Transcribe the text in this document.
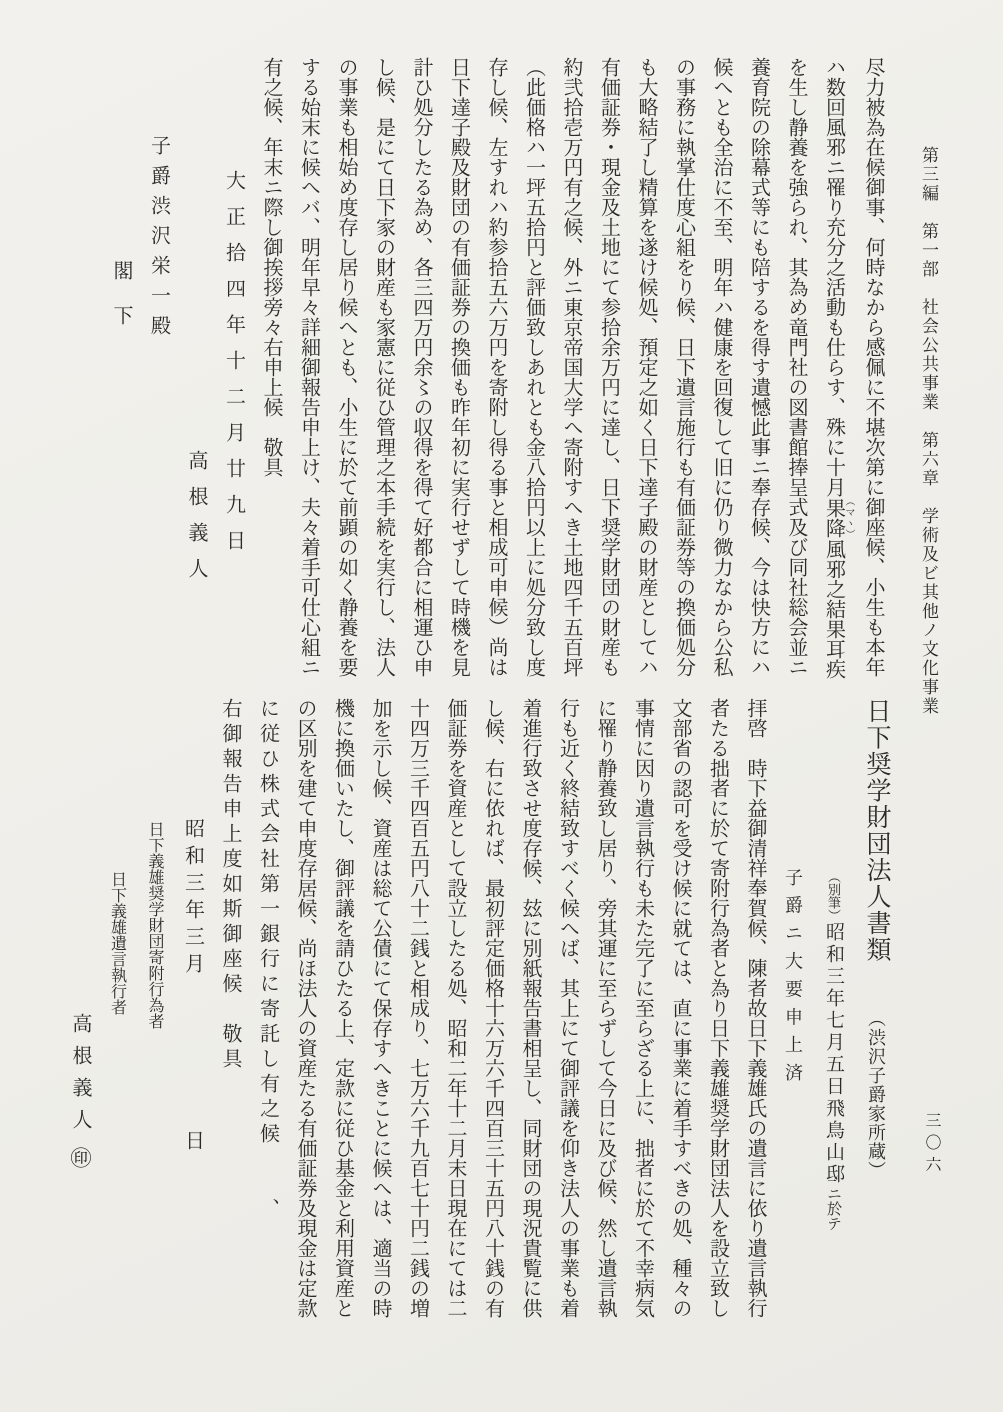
第三編　第一部　社会公共事業　第六章　学術及ビ其他ノ文化事業
三〇六

尽力被為在候御事、何時なから感佩に不堪次第に御座候、小生も本年

ハ数回風邪ニ罹り充分之活動も仕らす、殊に十月果降（マヽ）風邪之結果耳疾

を生し静養を強られ、其為め竜門社の図書館捧呈式及び同社総会並ニ

養育院の除幕式等にも陪するを得す遺憾此事ニ奉存候、今は快方にハ

候へとも全治に不至、明年ハ健康を回復して旧に仍り微力なから公私

の事務に執掌仕度心組をり候、日下遺言施行も有価証券等の換価処分

も大略結了し精算を遂け候処、預定之如く日下達子殿の財産としてハ

有価証券・現金及土地にて参拾余万円に達し、日下奨学財団の財産も

約弐拾壱万円有之候、外ニ東京帝国大学へ寄附すへき土地四千五百坪

（此価格ハ一坪五拾円と評価致しあれとも金八拾円以上に処分致し度

存し候、左すれハ約参拾五六万円を寄附し得る事と相成可申候）尚は

日下達子殿及財団の有価証券の換価も昨年初に実行せずして時機を見

計ひ処分したる為め、各三四万円余〻の収得を得て好都合に相運ひ申

し候、是にて日下家の財産も家憲に従ひ管理之本手続を実行し、法人

の事業も相始め度存し居り候へとも、小生に於て前顕の如く静養を要

する始末に候へバ、明年早々詳細御報告申上け、夫々着手可仕心組ニ

有之候、年末ニ際し御挨拶旁々右申上候　敬具

大正拾四年十二月廿九日

高根義人

子爵渋沢栄一殿

閣下

日下奨学財団法人書類（渋沢子爵家所蔵）

（別筆）昭和三年七月五日飛鳥山邸ニ於テ

子爵ニ大要申上済

拝啓　時下益御清祥奉賀候、陳者故日下義雄氏の遺言に依り遺言執行

者たる拙者に於て寄附行為者と為り日下義雄奨学財団法人を設立致し

文部省の認可を受け候に就ては、直に事業に着手すべきの処、種々の

事情に因り遺言執行も未た完了に至らざる上に、拙者に於て不幸病気

に罹り静養致し居り、旁其運に至らずして今日に及び候、然し遺言執

行も近く終結致すべく候へば、其上にて御評議を仰き法人の事業も着

着進行致させ度存候、玆に別紙報告書相呈し、同財団の現況貴覧に供

し候、右に依れば、最初評定価格十六万六千四百三十五円八十銭の有

価証券を資産として設立したる処、昭和二年十二月末日現在にては二

十四万三千四百五円八十二銭と相成り、七万六千九百七十円二銭の増

加を示し候、資産は総て公債にて保存すへきことに候へは、適当の時

機に換価いたし、御評議を請ひたる上、定款に従ひ基金と利用資産と

の区別を建て申度存居候、尚ほ法人の資産たる有価証券及現金は定款

に従ひ株式会社第一銀行に寄託し有之候　　、

右御報告申上度如斯御座候　敬具

昭和三年三月日

日下義雄奨学財団寄附行為者

日下義雄遺言執行者

高根義人㊞
